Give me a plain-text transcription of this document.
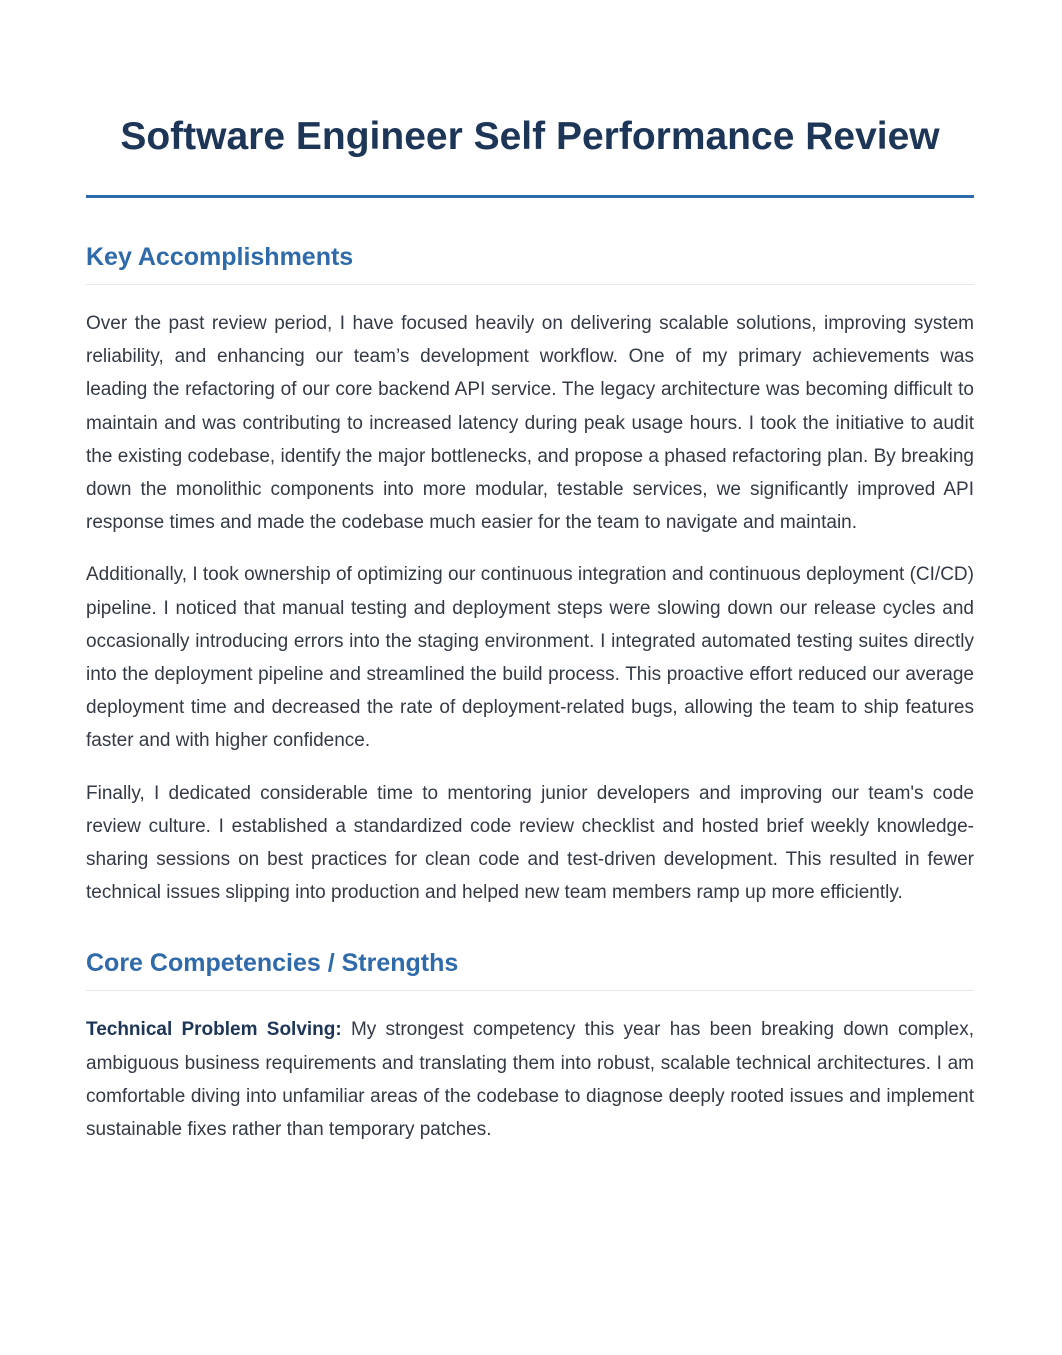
Software Engineer Self Performance Review
Key Accomplishments

Over the past review period, I have focused heavily on delivering scalable solutions, improving system reliability, and enhancing our team’s development workflow. One of my primary achievements was leading the refactoring of our core backend API service. The legacy architecture was becoming difficult to maintain and was contributing to increased latency during peak usage hours. I took the initiative to audit the existing codebase, identify the major bottlenecks, and propose a phased refactoring plan. By breaking down the monolithic components into more modular, testable services, we significantly improved API response times and made the codebase much easier for the team to navigate and maintain.

Additionally, I took ownership of optimizing our continuous integration and continuous deployment (CI/CD) pipeline. I noticed that manual testing and deployment steps were slowing down our release cycles and occasionally introducing errors into the staging environment. I integrated automated testing suites directly into the deployment pipeline and streamlined the build process. This proactive effort reduced our average deployment time and decreased the rate of deployment-related bugs, allowing the team to ship features faster and with higher confidence.

Finally, I dedicated considerable time to mentoring junior developers and improving our team's code review culture. I established a standardized code review checklist and hosted brief weekly knowledge-sharing sessions on best practices for clean code and test-driven development. This resulted in fewer technical issues slipping into production and helped new team members ramp up more efficiently.

Core Competencies / Strengths

Technical Problem Solving: My strongest competency this year has been breaking down complex, ambiguous business requirements and translating them into robust, scalable technical architectures. I am comfortable diving into unfamiliar areas of the codebase to diagnose deeply rooted issues and implement sustainable fixes rather than temporary patches.
